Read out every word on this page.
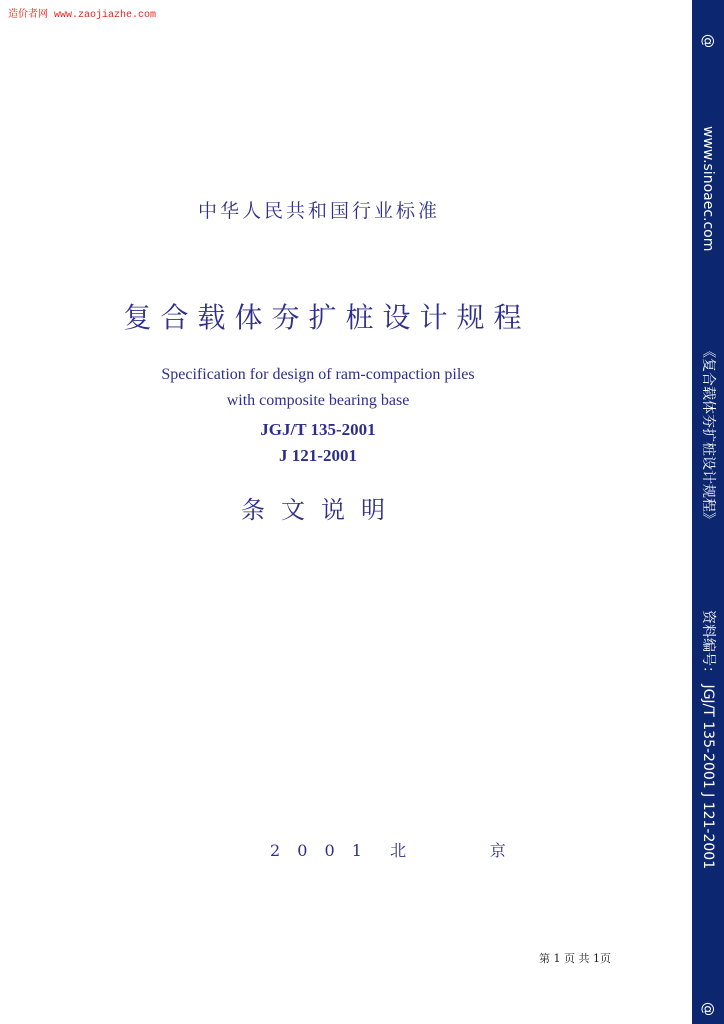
造价者网 www.zaojiazhe.com
中华人民共和国行业标准
复合载体夯扩桩设计规程
Specification for design of ram-compaction piles
with composite bearing base
JGJ/T 135-2001
J 121-2001
条文说明
2 0 0 1  北       京
第 1 页 共 1页
@
www.sinoaec.com
《复合载体夯扩桩设计规程》
资料编号： JGJ/T 135-2001 J 121-2001
@
